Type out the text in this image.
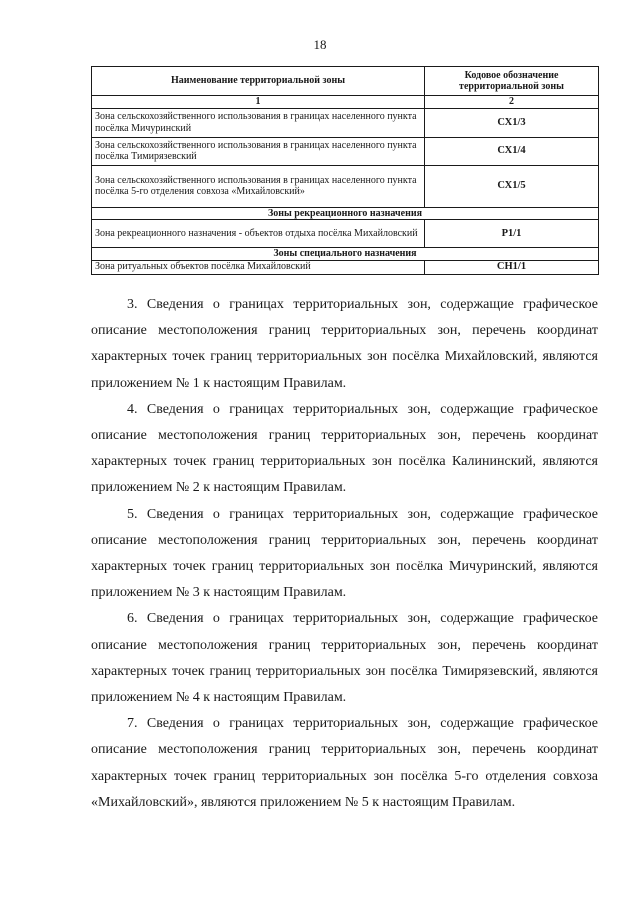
18
Наименование территориальной зоны	Кодовое обозначение территориальной зоны
1	2
Зона сельскохозяйственного использования в границах населенного пункта посёлка Мичуринский	СХ1/3
Зона сельскохозяйственного использования в границах населенного пункта посёлка Тимирязевский	СХ1/4
Зона сельскохозяйственного использования в границах населенного пункта посёлка 5-го отделения совхоза «Михайловский»	СХ1/5
Зоны рекреационного назначения	
Зона рекреационного назначения - объектов отдыха посёлка Михайловский	Р1/1
Зоны специального назначения	
Зона ритуальных объектов посёлка Михайловский	СН1/1

3. Сведения о границах территориальных зон, содержащие графическое описание местоположения границ территориальных зон, перечень координат характерных точек границ территориальных зон посёлка Михайловский, являются приложением № 1 к настоящим Правилам.

4. Сведения о границах территориальных зон, содержащие графическое описание местоположения границ территориальных зон, перечень координат характерных точек границ территориальных зон посёлка Калининский, являются приложением № 2 к настоящим Правилам.

5. Сведения о границах территориальных зон, содержащие графическое описание местоположения границ территориальных зон, перечень координат характерных точек границ территориальных зон посёлка Мичуринский, являются приложением № 3 к настоящим Правилам.

6. Сведения о границах территориальных зон, содержащие графическое описание местоположения границ территориальных зон, перечень координат характерных точек границ территориальных зон посёлка Тимирязевский, являются приложением № 4 к настоящим Правилам.

7. Сведения о границах территориальных зон, содержащие графическое описание местоположения границ территориальных зон, перечень координат характерных точек границ территориальных зон посёлка 5-го отделения совхоза «Михайловский», являются приложением № 5 к настоящим Правилам.
